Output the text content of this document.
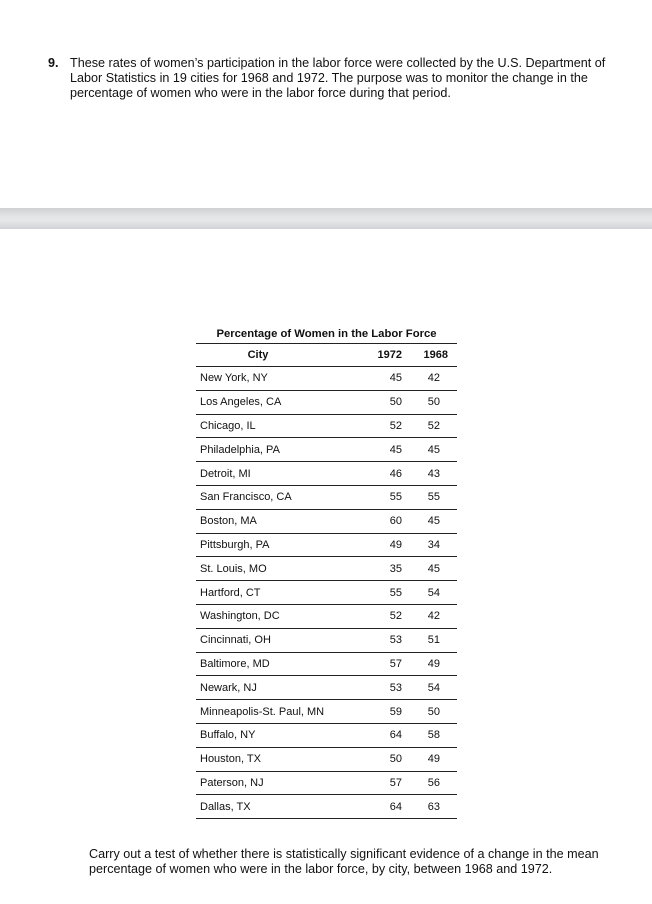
9. These rates of women’s participation in the labor force were collected by the U.S. Department of Labor Statistics in 19 cities for 1968 and 1972. The purpose was to monitor the change in the percentage of women who were in the labor force during that period.
Percentage of Women in the Labor Force
City	1972	1968
New York, NY	45	42
Los Angeles, CA	50	50
Chicago, IL	52	52
Philadelphia, PA	45	45
Detroit, MI	46	43
San Francisco, CA	55	55
Boston, MA	60	45
Pittsburgh, PA	49	34
St. Louis, MO	35	45
Hartford, CT	55	54
Washington, DC	52	42
Cincinnati, OH	53	51
Baltimore, MD	57	49
Newark, NJ	53	54
Minneapolis-St. Paul, MN	59	50
Buffalo, NY	64	58
Houston, TX	50	49
Paterson, NJ	57	56
Dallas, TX	64	63
Carry out a test of whether there is statistically significant evidence of a change in the mean percentage of women who were in the labor force, by city, between 1968 and 1972.
